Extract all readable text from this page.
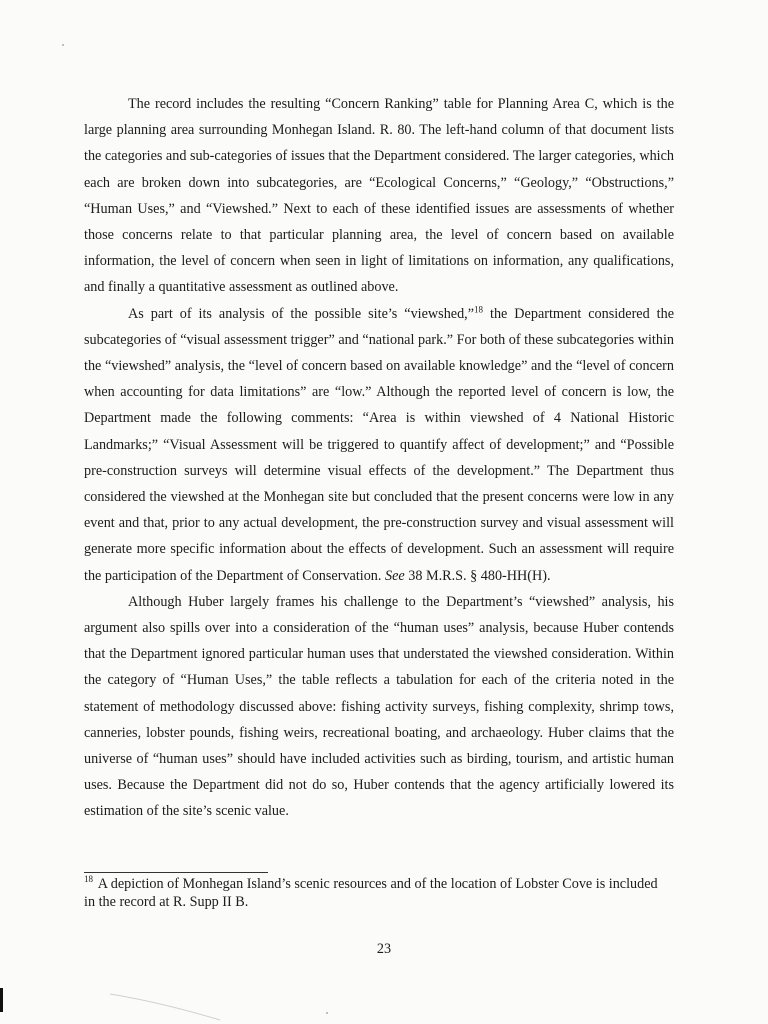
The record includes the resulting “Concern Ranking” table for Planning Area C, which is the large planning area surrounding Monhegan Island. R. 80. The left-hand column of that document lists the categories and sub-categories of issues that the Department considered. The larger categories, which each are broken down into subcategories, are “Ecological Concerns,” “Geology,” “Obstructions,” “Human Uses,” and “Viewshed.” Next to each of these identified issues are assessments of whether those concerns relate to that particular planning area, the level of concern based on available information, the level of concern when seen in light of limitations on information, any qualifications, and finally a quantitative assessment as outlined above.

As part of its analysis of the possible site’s “viewshed,”$^{18}$ the Department considered the subcategories of “visual assessment trigger” and “national park.” For both of these subcategories within the “viewshed” analysis, the “level of concern based on available knowledge” and the “level of concern when accounting for data limitations” are “low.” Although the reported level of concern is low, the Department made the following comments: “Area is within viewshed of 4 National Historic Landmarks;” “Visual Assessment will be triggered to quantify affect of development;” and “Possible pre-construction surveys will determine visual effects of the development.” The Department thus considered the viewshed at the Monhegan site but concluded that the present concerns were low in any event and that, prior to any actual development, the pre-construction survey and visual assessment will generate more specific information about the effects of development. Such an assessment will require the participation of the Department of Conservation. See 38 M.R.S. § 480-HH(H).

Although Huber largely frames his challenge to the Department’s “viewshed” analysis, his argument also spills over into a consideration of the “human uses” analysis, because Huber contends that the Department ignored particular human uses that understated the viewshed consideration. Within the category of “Human Uses,” the table reflects a tabulation for each of the criteria noted in the statement of methodology discussed above: fishing activity surveys, fishing complexity, shrimp tows, canneries, lobster pounds, fishing weirs, recreational boating, and archaeology. Huber claims that the universe of “human uses” should have included activities such as birding, tourism, and artistic human uses. Because the Department did not do so, Huber contends that the agency artificially lowered its estimation of the site’s scenic value.

$^{18}$ A depiction of Monhegan Island’s scenic resources and of the location of Lobster Cove is included in the record at R. Supp II B.
23
